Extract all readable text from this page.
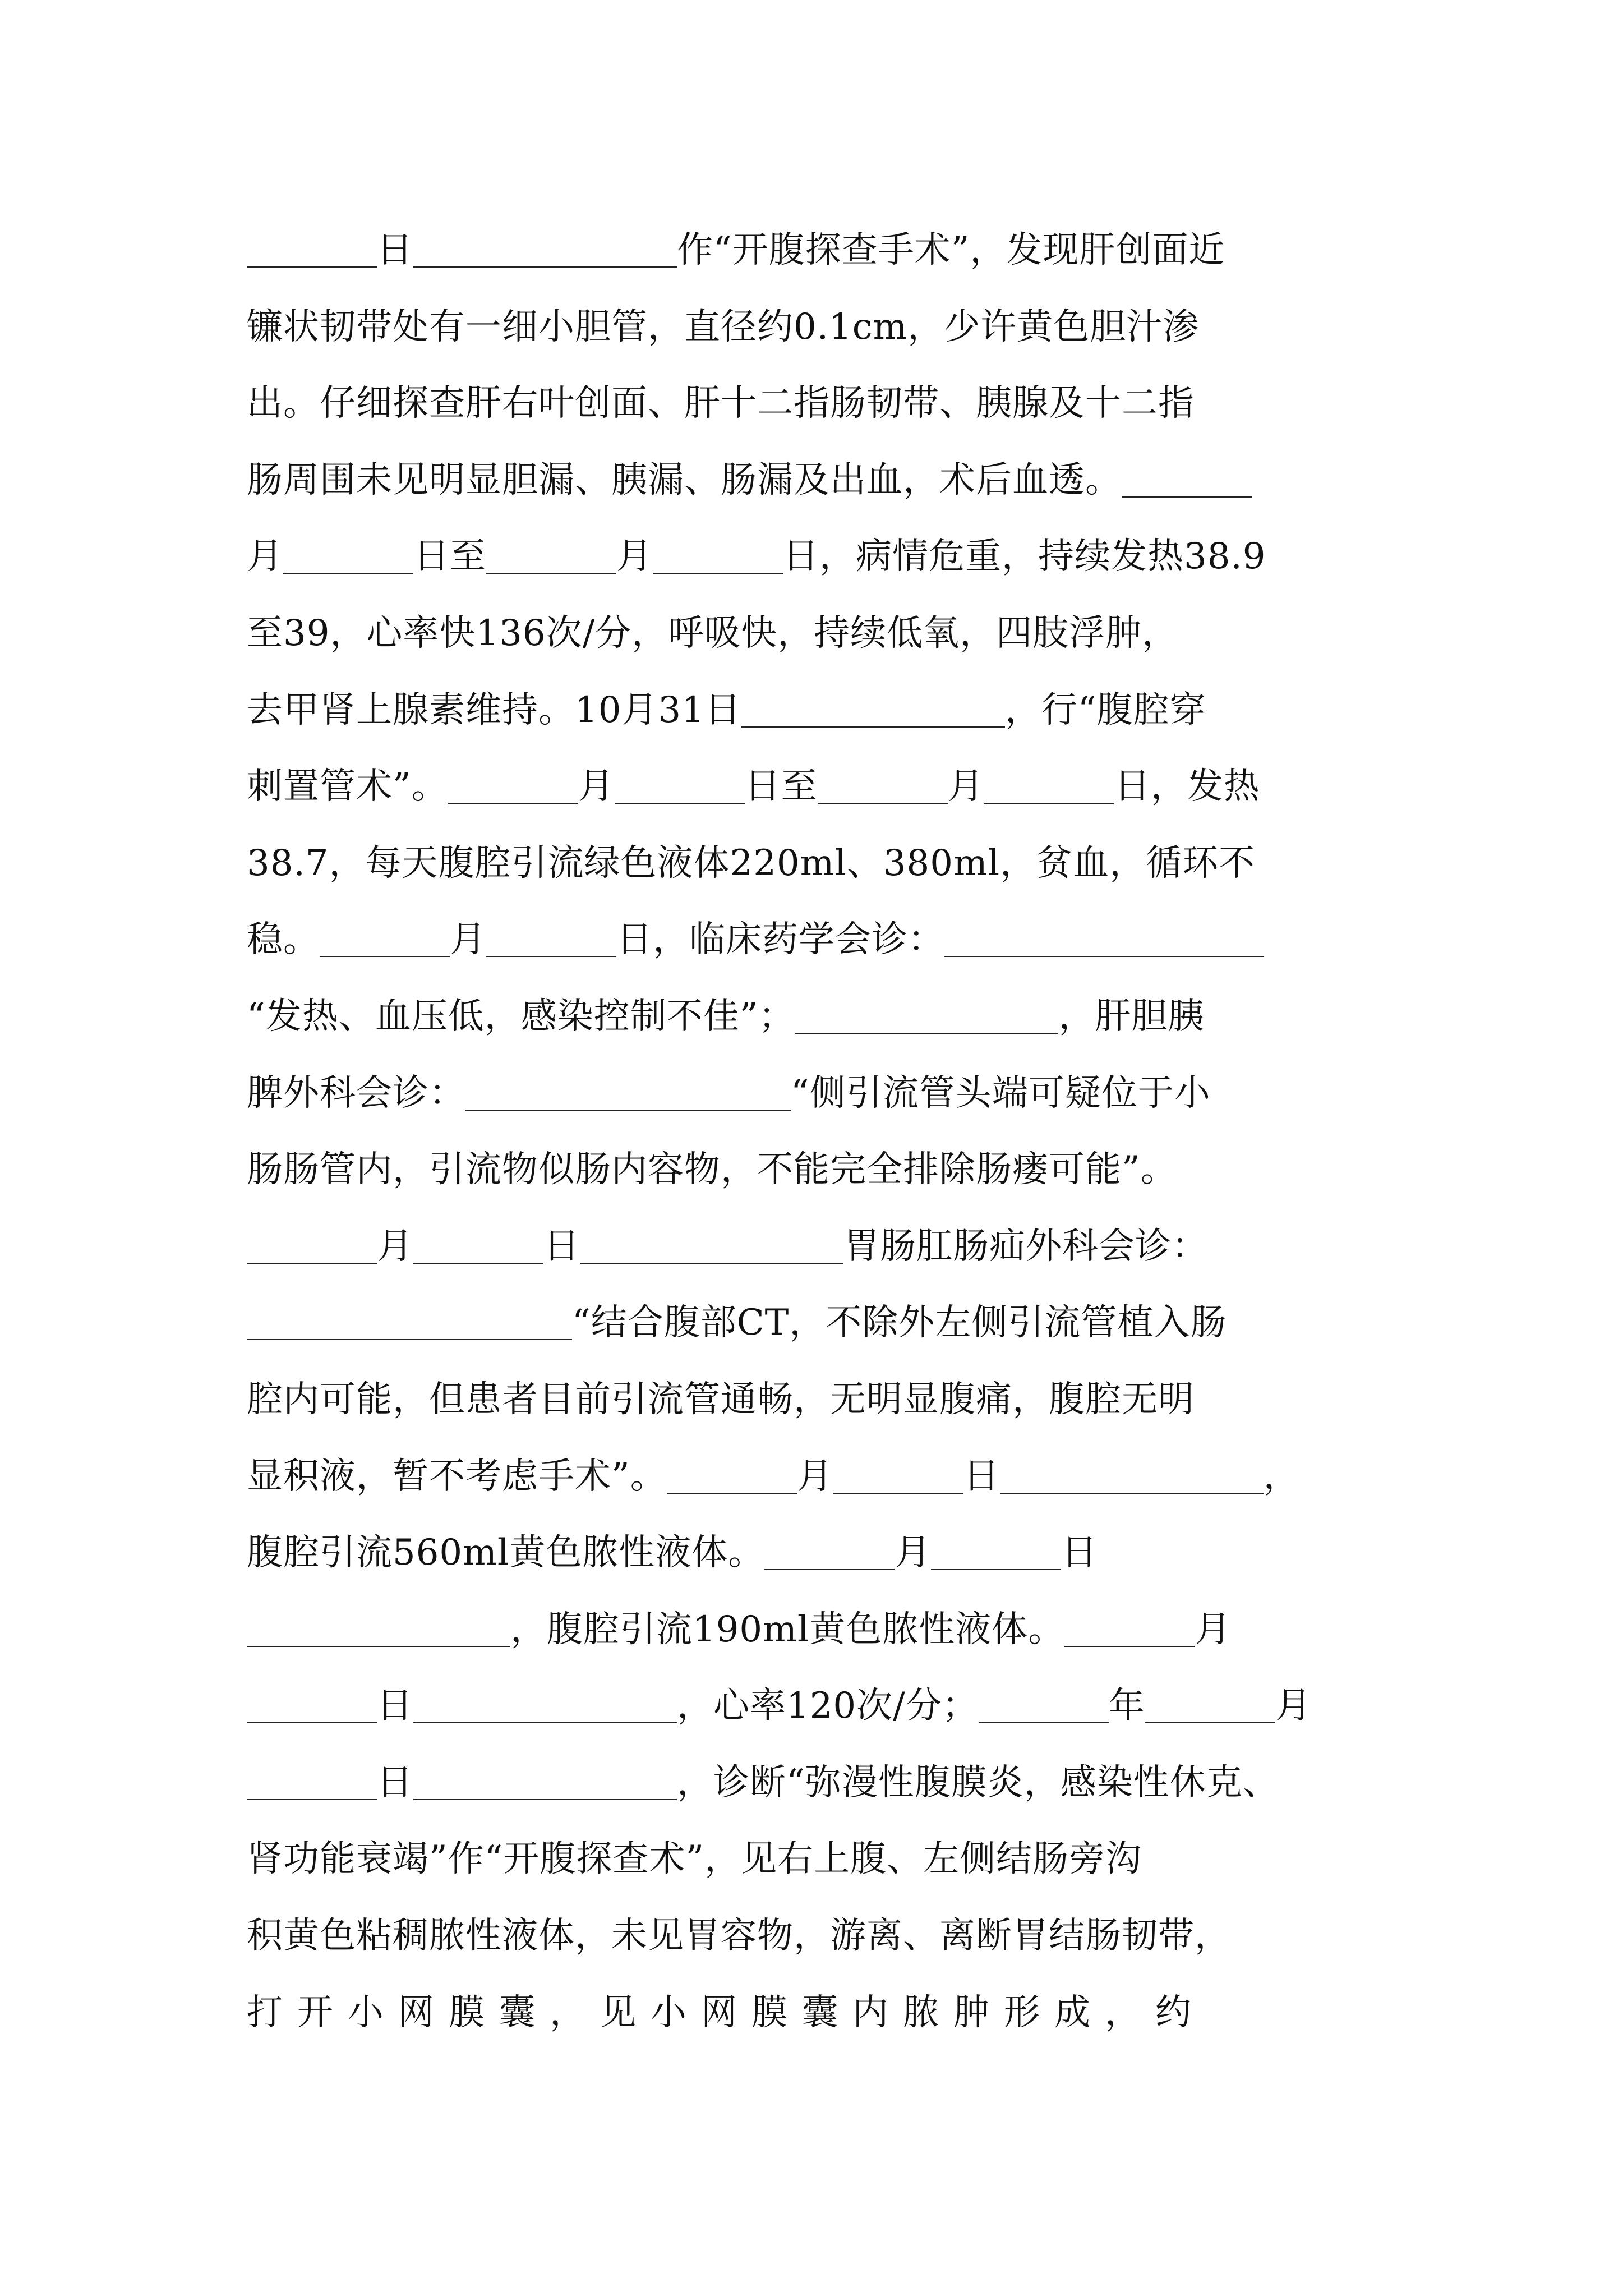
日	作“开腹探查手术”，发现肝创面近
镰状韧带处有一细小胆管，直径约0.1cm，少许黄色胆汁渗
出。仔细探查肝右叶创面、肝十二指肠韧带、胰腺及十二指
肠周围未见明显胆漏、胰漏、肠漏及出血，术后血透。
月	日至	月	日，病情危重，持续发热38.9
至39，心率快136次/分，呼吸快，持续低氧，四肢浮肿，
去甲肾上腺素维持。10月31日	，行“腹腔穿
刺置管术”。	月	日至	月	日，发热
38.7，每天腹腔引流绿色液体220ml、380ml，贫血，循环不
稳。	月	日，临床药学会诊：
“发热、血压低，感染控制不佳”；	，肝胆胰
脾外科会诊：	“侧引流管头端可疑位于小
肠肠管内，引流物似肠内容物，不能完全排除肠瘘可能”。
月	日	胃肠肛肠疝外科会诊：
“结合腹部CT，不除外左侧引流管植入肠
腔内可能，但患者目前引流管通畅，无明显腹痛，腹腔无明
显积液，暂不考虑手术”。	月	日	，
腹腔引流560ml黄色脓性液体。	月	日
，腹腔引流190ml黄色脓性液体。	月
日	，心率120次/分；	年	月
日	，诊断“弥漫性腹膜炎，感染性休克、
肾功能衰竭”作“开腹探查术”，见右上腹、左侧结肠旁沟
积黄色粘稠脓性液体，未见胃容物，游离、离断胃结肠韧带，
打开小网膜囊，见小网膜囊内脓肿形成，约
